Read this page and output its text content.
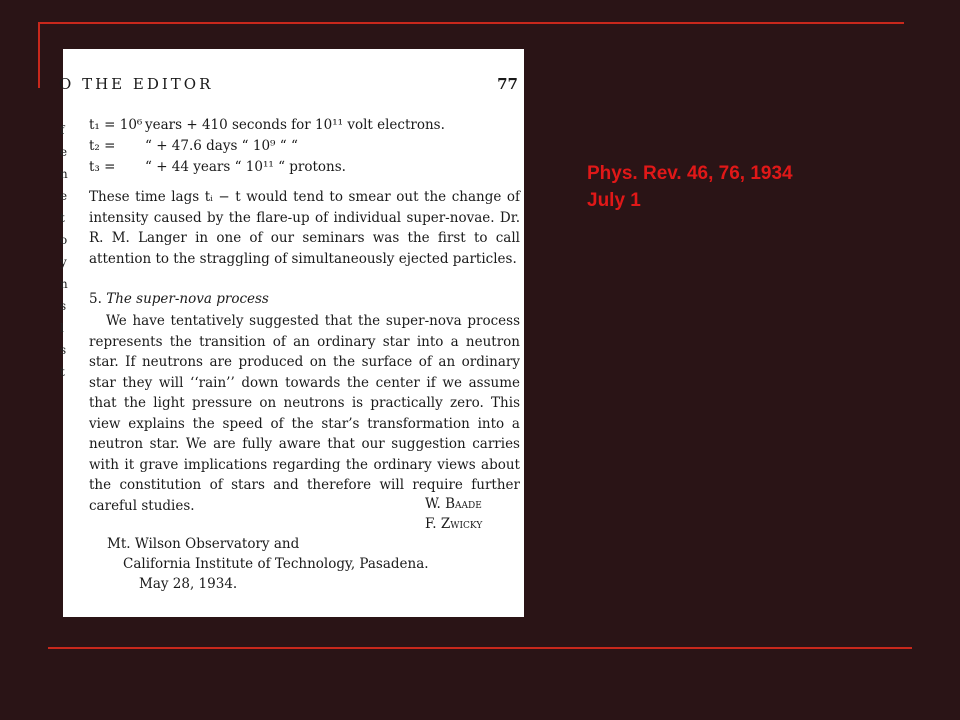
O THE EDITOR	77
f
e
n
e
t
o
y
n
s
l
s
t
t₁ = 10⁶ years + 410 seconds for 10¹¹ volt electrons.
t₂ = “ + 47.6 days “ 10⁹ “ “
t₃ = “ + 44 years “ 10¹¹ “ protons.

These time lags tᵢ − t would tend to smear out the change of intensity caused by the flare-up of individual super-novae. Dr. R. M. Langer in one of our seminars was the first to call attention to the straggling of simultaneously ejected particles.

5. The super-nova process

We have tentatively suggested that the super-nova process represents the transition of an ordinary star into a neutron star. If neutrons are produced on the surface of an ordinary star they will ‘‘rain’’ down towards the center if we assume that the light pressure on neutrons is practically zero. This view explains the speed of the star’s transformation into a neutron star. We are fully aware that our suggestion carries with it grave implications regarding the ordinary views about the constitution of stars and therefore will require further careful studies.	W. Baade
F. Zwicky
Mt. Wilson Observatory and
California Institute of Technology, Pasadena.
May 28, 1934.
Phys. Rev. 46, 76, 1934
July 1
